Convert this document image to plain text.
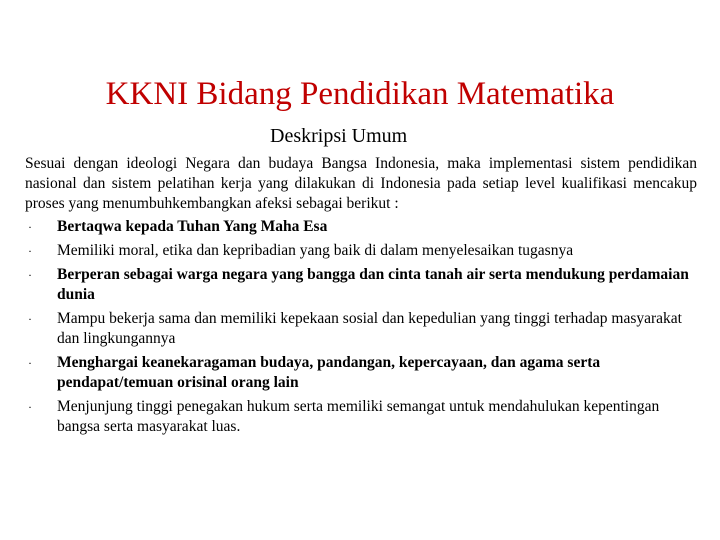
KKNI Bidang Pendidikan Matematika
Deskripsi Umum

Sesuai dengan ideologi Negara dan budaya Bangsa Indonesia, maka implementasi sistem pendidikan nasional dan sistem pelatihan kerja yang dilakukan di Indonesia pada setiap level kualifikasi mencakup proses yang menumbuhkembangkan afeksi sebagai berikut :

· Bertaqwa kepada Tuhan Yang Maha Esa
· Memiliki moral, etika dan kepribadian yang baik di dalam menyelesaikan tugasnya
· Berperan sebagai warga negara yang bangga dan cinta tanah air serta mendukung perdamaian dunia
· Mampu bekerja sama dan memiliki kepekaan sosial dan kepedulian yang tinggi terhadap masyarakat dan lingkungannya
· Menghargai keanekaragaman budaya, pandangan, kepercayaan, dan agama serta pendapat/temuan orisinal orang lain
· Menjunjung tinggi penegakan hukum serta memiliki semangat untuk mendahulukan kepentingan bangsa serta masyarakat luas.
